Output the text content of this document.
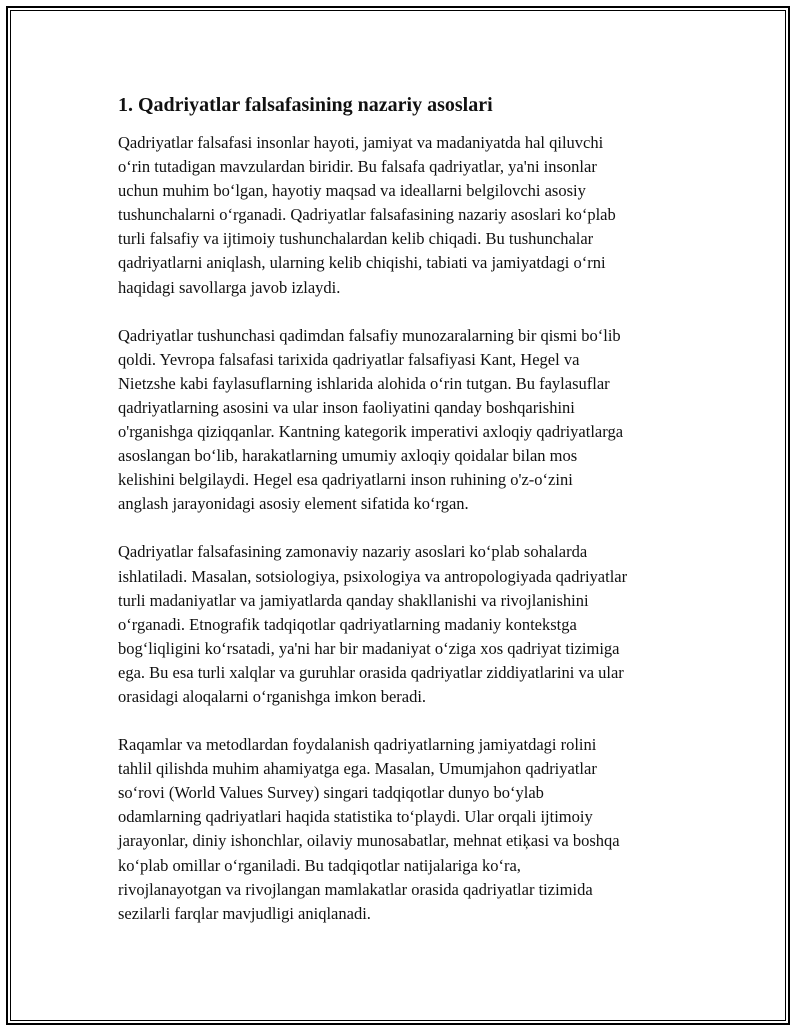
1. Qadriyatlar falsafasining nazariy asoslari

Qadriyatlar falsafasi insonlar hayoti, jamiyat va madaniyatda hal qiluvchi
oʻrin tutadigan mavzulardan biridir. Bu falsafa qadriyatlar, ya'ni insonlar
uchun muhim boʻlgan, hayotiy maqsad va ideallarni belgilovchi asosiy
tushunchalarni oʻrganadi. Qadriyatlar falsafasining nazariy asoslari koʻplab
turli falsafiy va ijtimoiy tushunchalardan kelib chiqadi. Bu tushunchalar
qadriyatlarni aniqlash, ularning kelib chiqishi, tabiati va jamiyatdagi oʻrni
haqidagi savollarga javob izlaydi.

Qadriyatlar tushunchasi qadimdan falsafiy munozaralarning bir qismi boʻlib
qoldi. Yevropa falsafasi tarixida qadriyatlar falsafiyasi Kant, Hegel va
Nietzshe kabi faylasuflarning ishlarida alohida oʻrin tutgan. Bu faylasuflar
qadriyatlarning asosini va ular inson faoliyatini qanday boshqarishini
o'rganishga qiziqqanlar. Kantning kategorik imperativi axloqiy qadriyatlarga
asoslangan boʻlib, harakatlarning umumiy axloqiy qoidalar bilan mos
kelishini belgilaydi. Hegel esa qadriyatlarni inson ruhining o'z-oʻzini
anglash jarayonidagi asosiy element sifatida koʻrgan.

Qadriyatlar falsafasining zamonaviy nazariy asoslari koʻplab sohalarda
ishlatiladi. Masalan, sotsiologiya, psixologiya va antropologiyada qadriyatlar
turli madaniyatlar va jamiyatlarda qanday shakllanishi va rivojlanishini
oʻrganadi. Etnografik tadqiqotlar qadriyatlarning madaniy kontekstga
bogʻliqligini koʻrsatadi, ya'ni har bir madaniyat oʻziga xos qadriyat tizimiga
ega. Bu esa turli xalqlar va guruhlar orasida qadriyatlar ziddiyatlarini va ular
orasidagi aloqalarni oʻrganishga imkon beradi.

Raqamlar va metodlardan foydalanish qadriyatlarning jamiyatdagi rolini
tahlil qilishda muhim ahamiyatga ega. Masalan, Umumjahon qadriyatlar
soʻrovi (World Values Survey) singari tadqiqotlar dunyo boʻylab
odamlarning qadriyatlari haqida statistika toʻplaydi. Ular orqali ijtimoiy
jarayonlar, diniy ishonchlar, oilaviy munosabatlar, mehnat etiķasi va boshqa
koʻplab omillar oʻrganiladi. Bu tadqiqotlar natijalariga koʻra,
rivojlanayotgan va rivojlangan mamlakatlar orasida qadriyatlar tizimida
sezilarli farqlar mavjudligi aniqlanadi.
